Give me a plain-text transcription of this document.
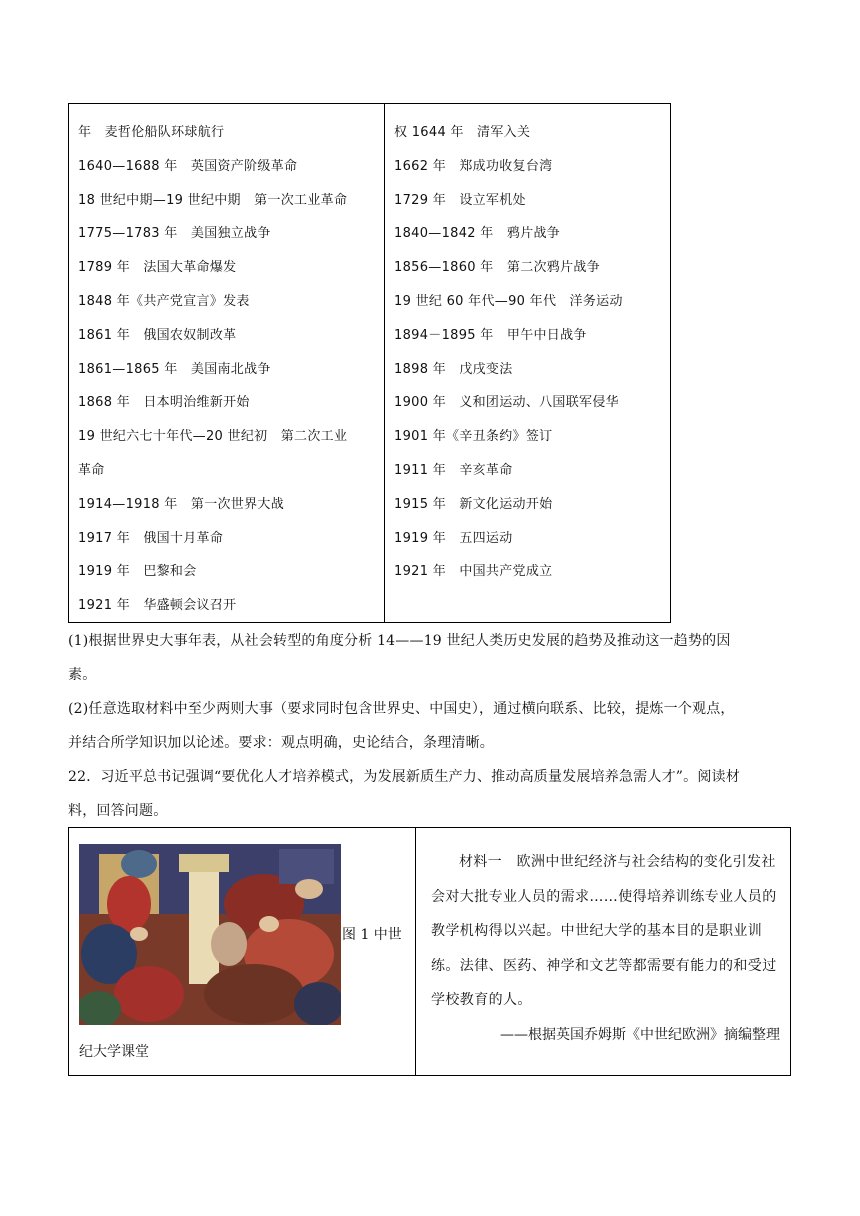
年　麦哲伦船队环球航行
1640—1688 年　英国资产阶级革命
18 世纪中期—19 世纪中期　第一次工业革命
1775—1783 年　美国独立战争
1789 年　法国大革命爆发
1848 年《共产党宣言》发表
1861 年　俄国农奴制改革
1861—1865 年　美国南北战争
1868 年　日本明治维新开始
19 世纪六七十年代—20 世纪初　第二次工业
革命
1914—1918 年　第一次世界大战
1917 年　俄国十月革命
1919 年　巴黎和会
1921 年　华盛顿会议召开
权 1644 年　清军入关
1662 年　郑成功收复台湾
1729 年　设立军机处
1840—1842 年　鸦片战争
1856—1860 年　第二次鸦片战争
19 世纪 60 年代—90 年代　洋务运动
1894－1895 年　甲午中日战争
1898 年　戊戌变法
1900 年　义和团运动、八国联军侵华
1901 年《辛丑条约》签订
1911 年　辛亥革命
1915 年　新文化运动开始
1919 年　五四运动
1921 年　中国共产党成立
(1)根据世界史大事年表，从社会转型的角度分析 14——19 世纪人类历史发展的趋势及推动这一趋势的因
素。
(2)任意选取材料中至少两则大事（要求同时包含世界史、中国史），通过横向联系、比较，提炼一个观点，
并结合所学知识加以论述。要求：观点明确，史论结合，条理清晰。
22．习近平总书记强调“要优化人才培养模式，为发展新质生产力、推动高质量发展培养急需人才”。阅读材
料，回答问题。
图 1 中世
纪大学课堂
材料一　欧洲中世纪经济与社会结构的变化引发社会对大批专业人员的需求……使得培养训练专业人员的教学机构得以兴起。中世纪大学的基本目的是职业训练。法律、医药、神学和文艺等都需要有能力的和受过学校教育的人。
——根据英国乔姆斯《中世纪欧洲》摘编整理
